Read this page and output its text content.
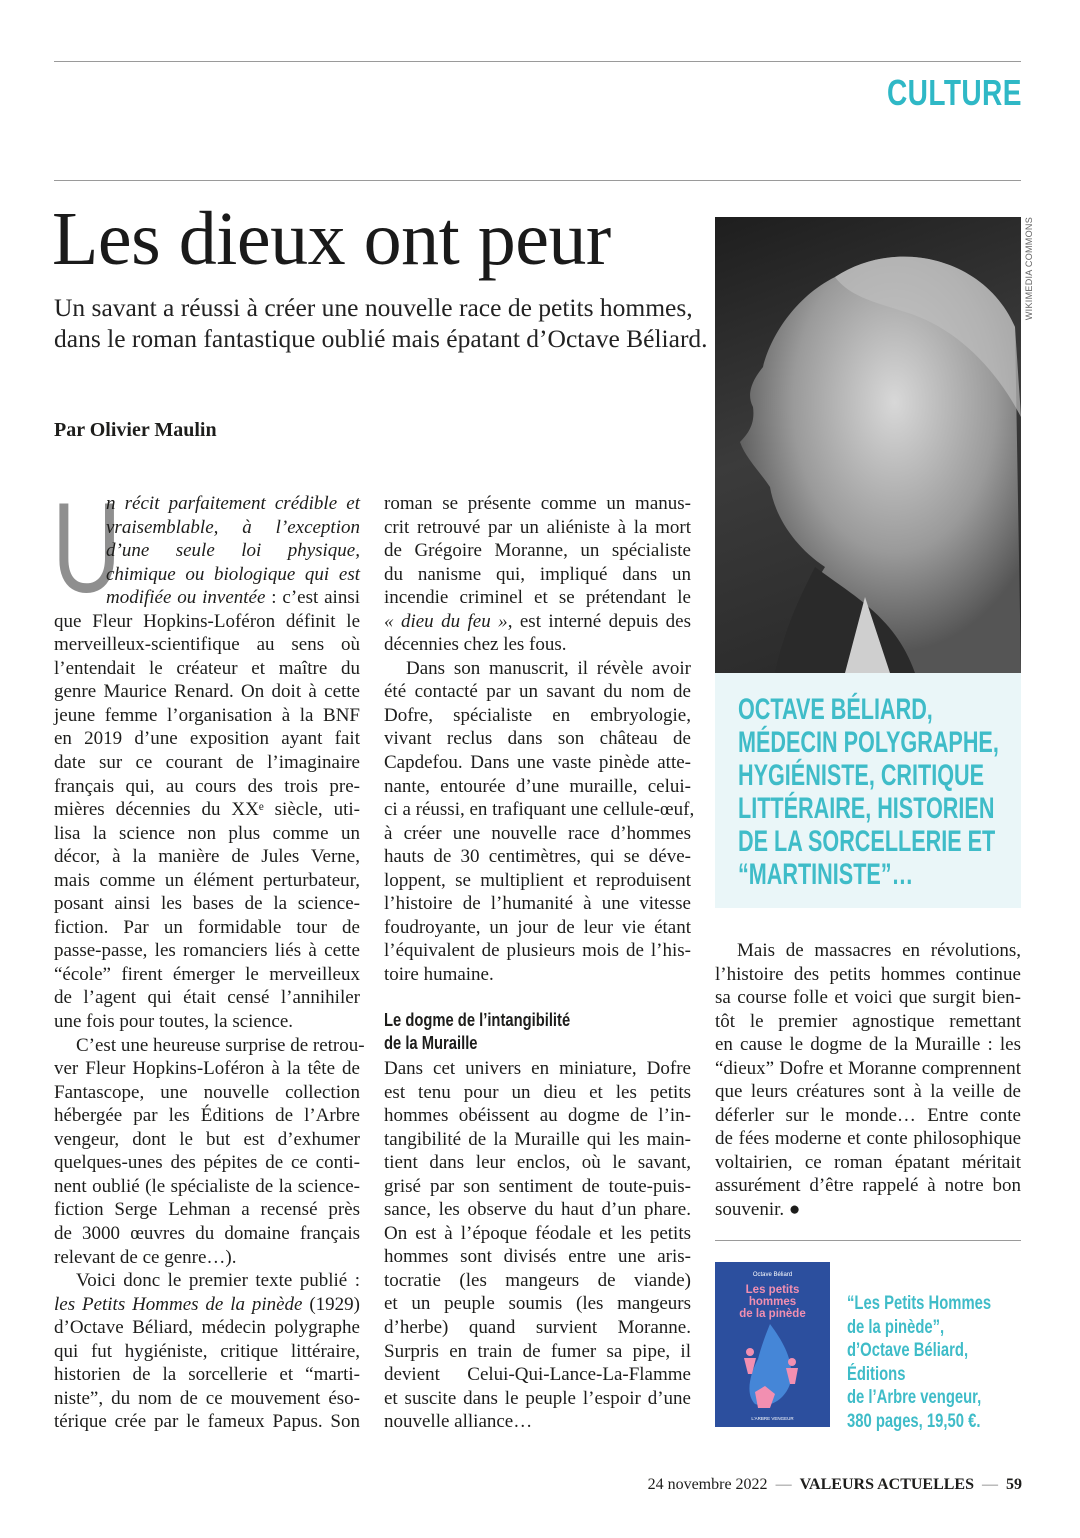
CULTURE
Les dieux ont peur
Un savant a réussi à créer une nouvelle race de petits hommes, dans le roman fantastique oublié mais épatant d’Octave Béliard.
Par Olivier Maulin
U
n récit parfaitement crédible et
vraisemblable, à l’exception
d’une seule loi physique,
chimique ou biologique qui est
modifiée ou inventée : c’est ainsi
que Fleur Hopkins-Loféron définit le
merveilleux-scientifique au sens où
l’entendait le créateur et maître du
genre Maurice Renard. On doit à cette
jeune femme l’organisation à la BNF
en 2019 d’une exposition ayant fait
date sur ce courant de l’imaginaire
français qui, au cours des trois pre-
mières décennies du XXᵉ siècle, uti-
lisa la science non plus comme un
décor, à la manière de Jules Verne,
mais comme un élément perturbateur,
posant ainsi les bases de la science-
fiction. Par un formidable tour de
passe-passe, les romanciers liés à cette
“école” firent émerger le merveilleux
de l’agent qui était censé l’annihiler
une fois pour toutes, la science.
C’est une heureuse surprise de retrou-
ver Fleur Hopkins-Loféron à la tête de
Fantascope, une nouvelle collection
hébergée par les Éditions de l’Arbre
vengeur, dont le but est d’exhumer
quelques-unes des pépites de ce conti-
nent oublié (le spécialiste de la science-
fiction Serge Lehman a recensé près
de 3000 œuvres du domaine français
relevant de ce genre…).
Voici donc le premier texte publié :
les Petits Hommes de la pinède (1929)
d’Octave Béliard, médecin polygraphe
qui fut hygiéniste, critique littéraire,
historien de la sorcellerie et “marti-
niste”, du nom de ce mouvement éso-
térique crée par le fameux Papus. Son
roman se présente comme un manus-
crit retrouvé par un aliéniste à la mort
de Grégoire Moranne, un spécialiste
du nanisme qui, impliqué dans un
incendie criminel et se prétendant le
« dieu du feu », est interné depuis des
décennies chez les fous.
Dans son manuscrit, il révèle avoir
été contacté par un savant du nom de
Dofre, spécialiste en embryologie,
vivant reclus dans son château de
Capdefou. Dans une vaste pinède atte-
nante, entourée d’une muraille, celui-
ci a réussi, en trafiquant une cellule-œuf,
à créer une nouvelle race d’hommes
hauts de 30 centimètres, qui se déve-
loppent, se multiplient et reproduisent
l’histoire de l’humanité à une vitesse
foudroyante, un jour de leur vie étant
l’équivalent de plusieurs mois de l’his-
toire humaine.
Le dogme de l’intangibilité
de la Muraille
Dans cet univers en miniature, Dofre
est tenu pour un dieu et les petits
hommes obéissent au dogme de l’in-
tangibilité de la Muraille qui les main-
tient dans leur enclos, où le savant,
grisé par son sentiment de toute-puis-
sance, les observe du haut d’un phare.
On est à l’époque féodale et les petits
hommes sont divisés entre une aris-
tocratie (les mangeurs de viande)
et un peuple soumis (les mangeurs
d’herbe) quand survient Moranne.
Surpris en train de fumer sa pipe, il
devient Celui-Qui-Lance-La-Flamme
et suscite dans le peuple l’espoir d’une
nouvelle alliance…
Mais de massacres en révolutions,
l’histoire des petits hommes continue
sa course folle et voici que surgit bien-
tôt le premier agnostique remettant
en cause le dogme de la Muraille : les
“dieux” Dofre et Moranne comprennent
que leurs créatures sont à la veille de
déferler sur le monde… Entre conte
de fées moderne et conte philosophique
voltairien, ce roman épatant méritait
assurément d’être rappelé à notre bon
souvenir. ●
WIKIMEDIA COMMONS
OCTAVE BÉLIARD,
MÉDECIN POLYGRAPHE,
HYGIÉNISTE, CRITIQUE
LITTÉRAIRE, HISTORIEN
DE LA SORCELLERIE ET
“MARTINISTE”…
Octave Béliard
Les petits
hommes
de la pinède
L’ARBRE VENGEUR
“Les Petits Hommes
de la pinède”,
d’Octave Béliard,
Éditions
de l’Arbre vengeur,
380 pages, 19,50 €.
24 novembre 2022 — VALEURS ACTUELLES — 59
